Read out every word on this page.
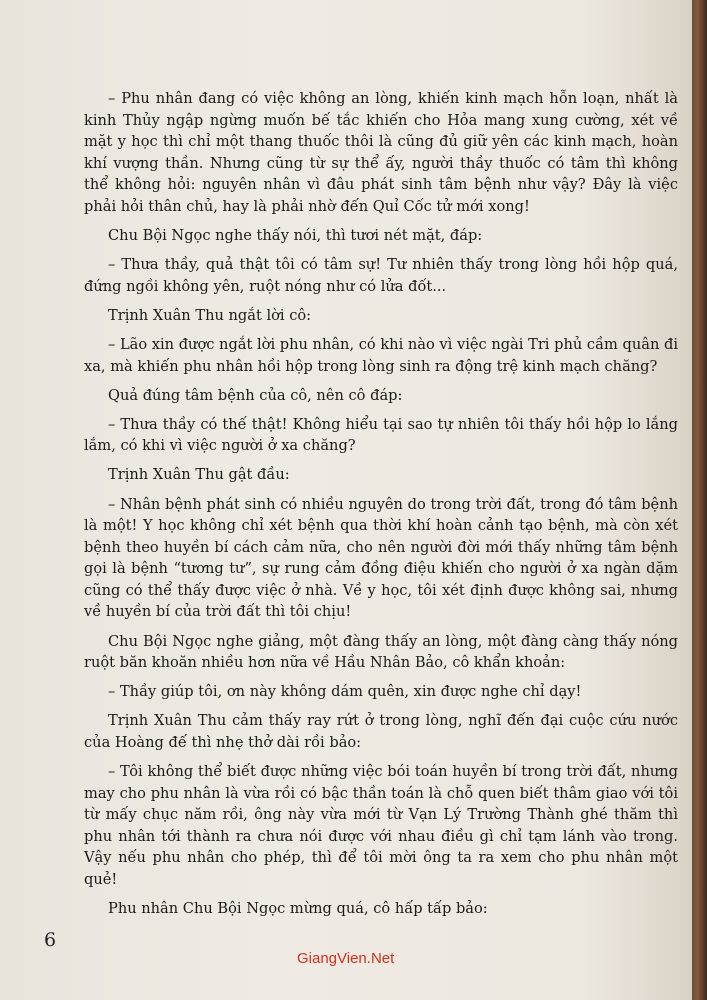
– Phu nhân đang có việc không an lòng, khiến kinh mạch hỗn loạn, nhất là kinh Thủy ngập ngừng muốn bế tắc khiến cho Hỏa mang xung cường, xét về mặt y học thì chỉ một thang thuốc thôi là cũng đủ giữ yên các kinh mạch, hoàn khí vượng thần. Nhưng cũng từ sự thể ấy, người thầy thuốc có tâm thì không thể không hỏi: nguyên nhân vì đâu phát sinh tâm bệnh như vậy? Đây là việc phải hỏi thân chủ, hay là phải nhờ đến Quỉ Cốc tử mới xong!

Chu Bội Ngọc nghe thấy nói, thì tươi nét mặt, đáp:

– Thưa thầy, quả thật tôi có tâm sự! Tư nhiên thấy trong lòng hồi hộp quá, đứng ngồi không yên, ruột nóng như có lửa đốt...

Trịnh Xuân Thu ngắt lời cô:

– Lão xin được ngắt lời phu nhân, có khi nào vì việc ngài Tri phủ cầm quân đi xa, mà khiến phu nhân hồi hộp trong lòng sinh ra động trệ kinh mạch chăng?

Quả đúng tâm bệnh của cô, nên cô đáp:

– Thưa thầy có thế thật! Không hiểu tại sao tự nhiên tôi thấy hồi hộp lo lắng lắm, có khi vì việc người ở xa chăng?

Trịnh Xuân Thu gật đầu:

– Nhân bệnh phát sinh có nhiều nguyên do trong trời đất, trong đó tâm bệnh là một! Y học không chỉ xét bệnh qua thời khí hoàn cảnh tạo bệnh, mà còn xét bệnh theo huyền bí cách cảm nữa, cho nên người đời mới thấy những tâm bệnh gọi là bệnh “tương tư”, sự rung cảm đồng điệu khiến cho người ở xa ngàn dặm cũng có thể thấy được việc ở nhà. Về y học, tôi xét định được không sai, nhưng về huyền bí của trời đất thì tôi chịu!

Chu Bội Ngọc nghe giảng, một đàng thấy an lòng, một đàng càng thấy nóng ruột băn khoăn nhiều hơn nữa về Hầu Nhân Bảo, cô khẩn khoản:

– Thầy giúp tôi, ơn này không dám quên, xin được nghe chỉ dạy!

Trịnh Xuân Thu cảm thấy ray rứt ở trong lòng, nghĩ đến đại cuộc cứu nước của Hoàng đế thì nhẹ thở dài rồi bảo:

– Tôi không thể biết được những việc bói toán huyền bí trong trời đất, nhưng may cho phu nhân là vừa rồi có bậc thần toán là chỗ quen biết thâm giao với tôi từ mấy chục năm rồi, ông này vừa mới từ Vạn Lý Trường Thành ghé thăm thì phu nhân tới thành ra chưa nói được với nhau điều gì chỉ tạm lánh vào trong. Vậy nếu phu nhân cho phép, thì để tôi mời ông ta ra xem cho phu nhân một quẻ!

Phu nhân Chu Bội Ngọc mừng quá, cô hấp tấp bảo:

6
GiangVien.Net
